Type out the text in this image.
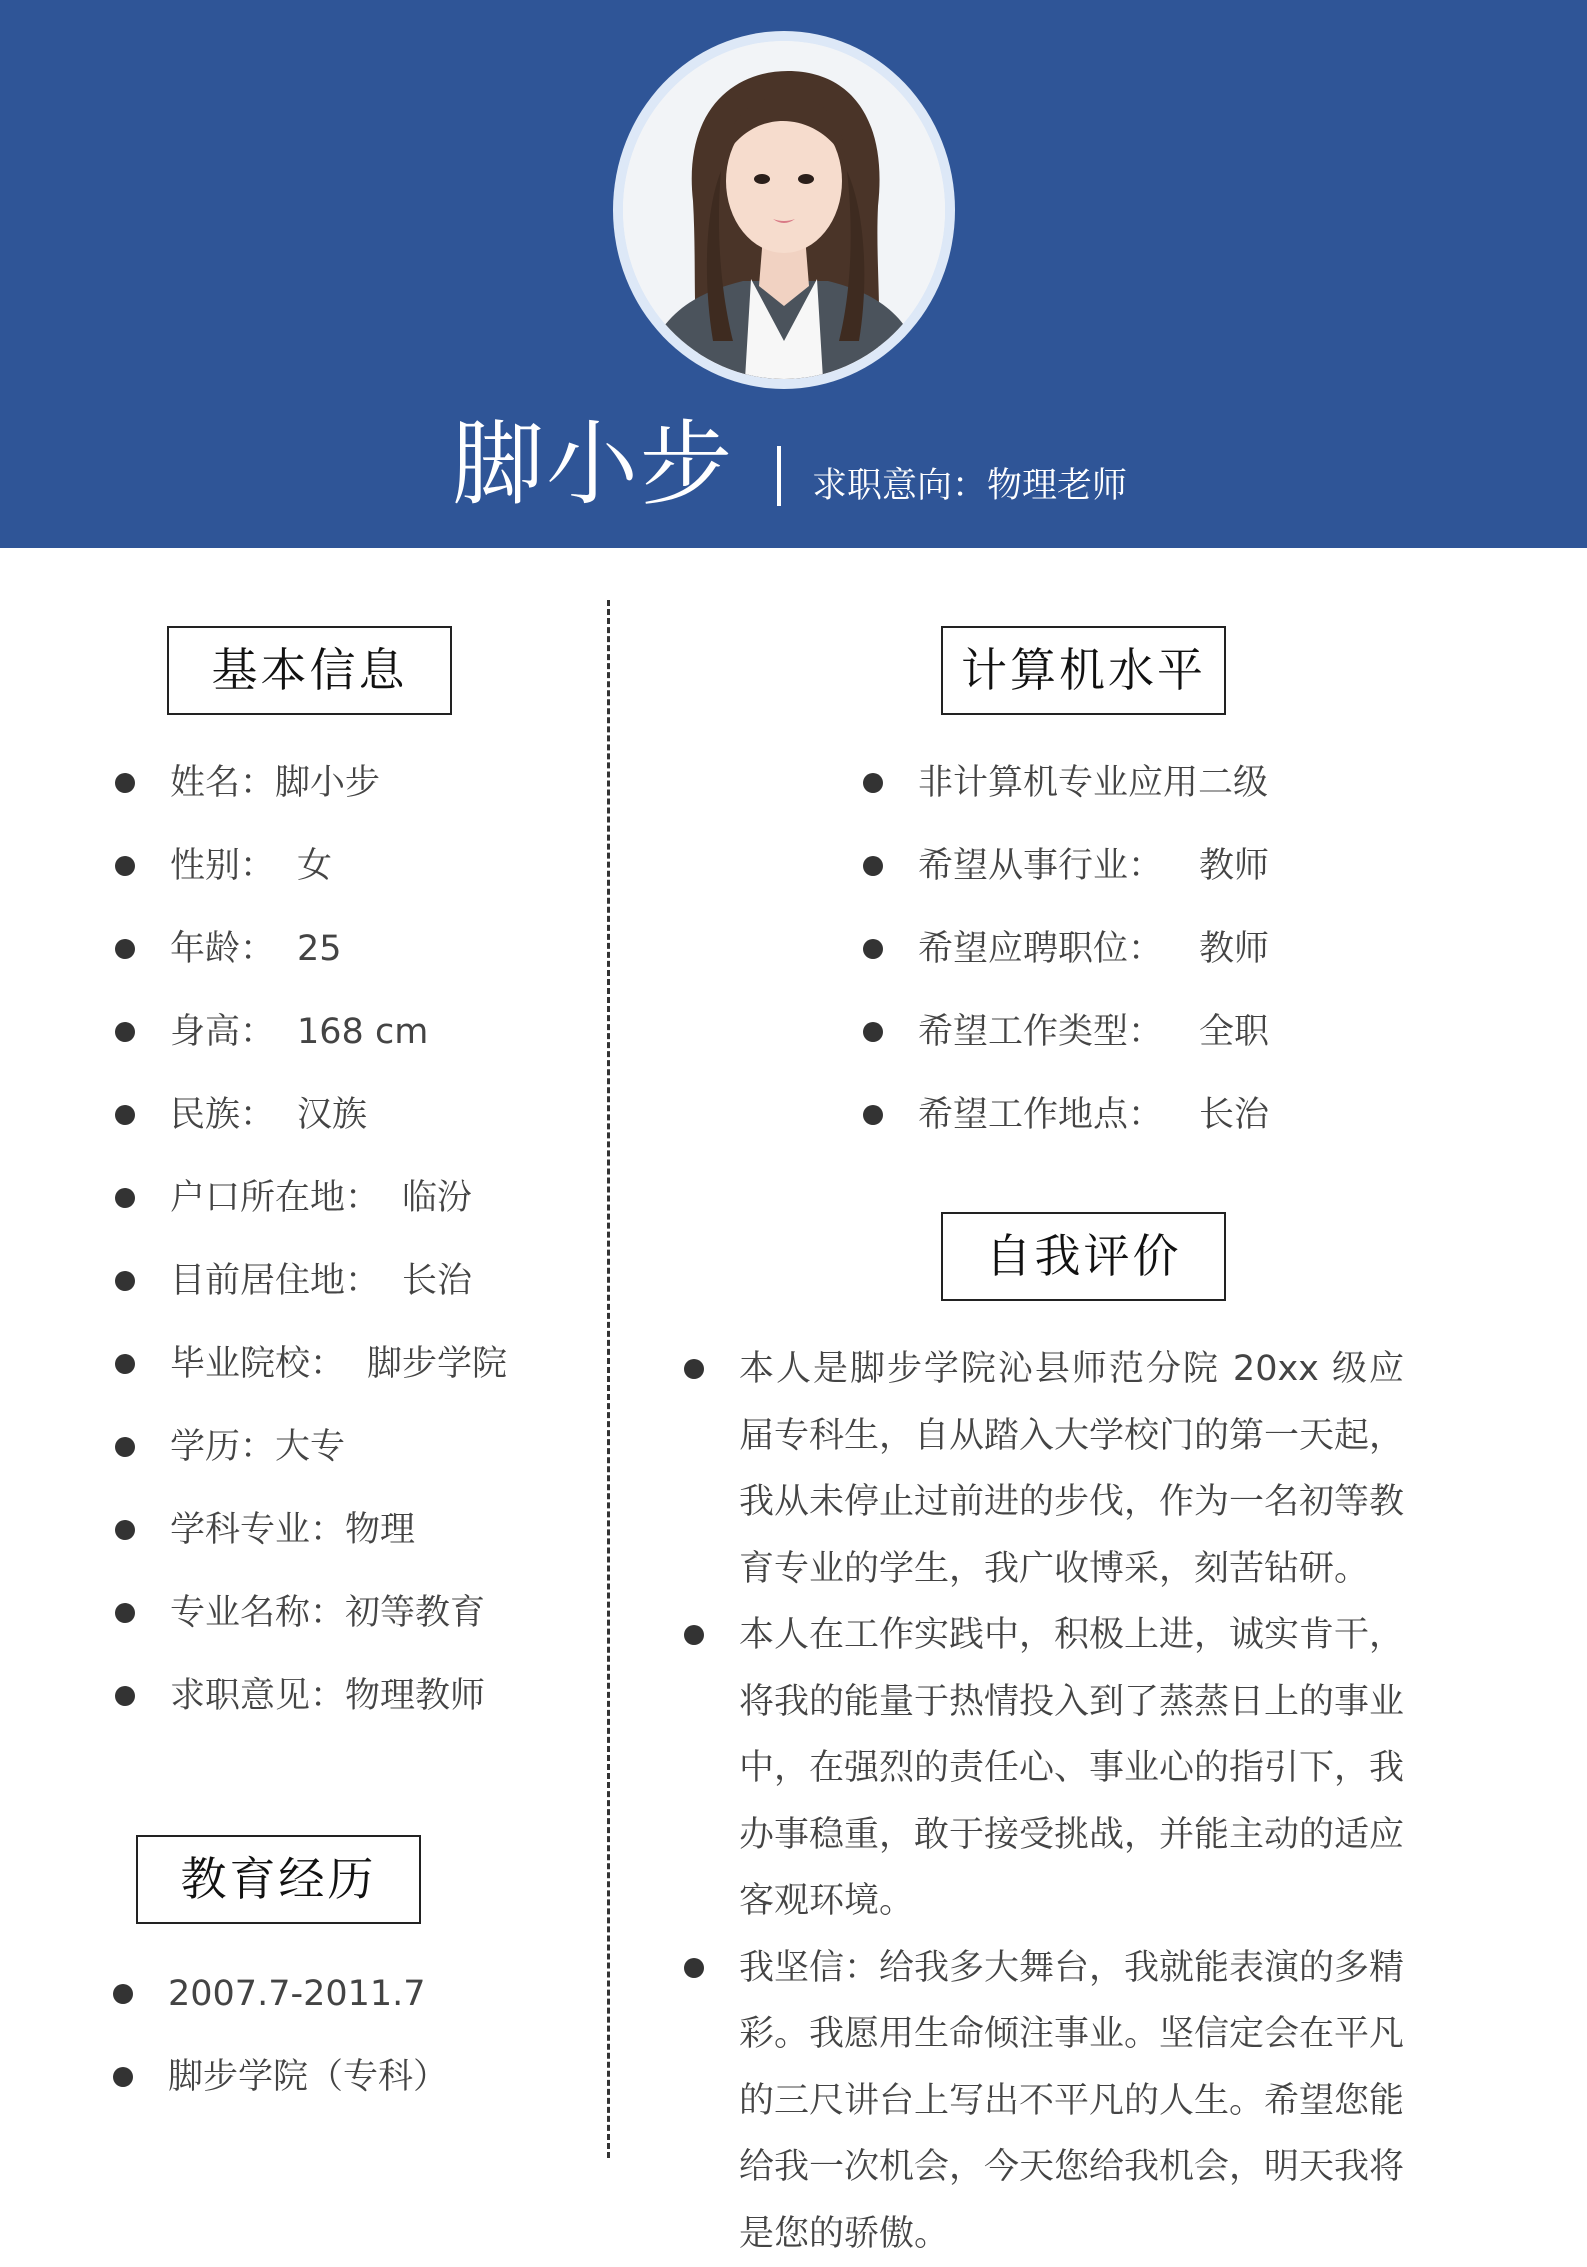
脚小步	求职意向：物理老师
基本信息
姓名：脚小步
性别： 女
年龄： 25
身高： 168 cm
民族： 汉族
户口所在地： 临汾
目前居住地： 长治
毕业院校： 脚步学院
学历：大专
学科专业：物理
专业名称：初等教育
求职意见：物理教师
教育经历
2007.7-2011.7
脚步学院（专科）
计算机水平
非计算机专业应用二级
希望从事行业： 教师
希望应聘职位： 教师
希望工作类型： 全职
希望工作地点： 长治
自我评价
本人是脚步学院沁县师范分院 20xx 级应届专科生，自从踏入大学校门的第一天起，我从未停止过前进的步伐，作为一名初等教育专业的学生，我广收博采，刻苦钻研。
本人在工作实践中，积极上进，诚实肯干，将我的能量于热情投入到了蒸蒸日上的事业中，在强烈的责任心、事业心的指引下，我办事稳重，敢于接受挑战，并能主动的适应客观环境。
我坚信：给我多大舞台，我就能表演的多精彩。我愿用生命倾注事业。坚信定会在平凡的三尺讲台上写出不平凡的人生。希望您能给我一次机会，今天您给我机会，明天我将是您的骄傲。
